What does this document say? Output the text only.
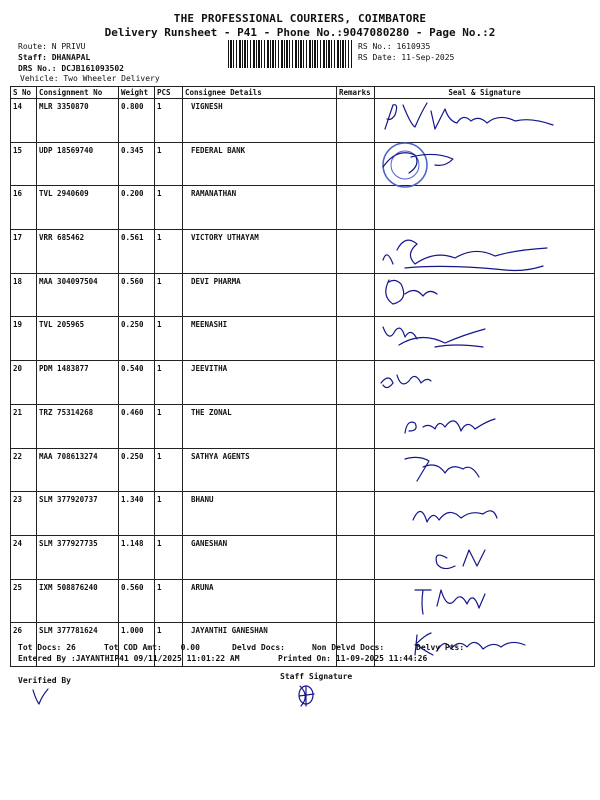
THE PROFESSIONAL COURIERS, COIMBATORE
Delivery Runsheet - P41 - Phone No.:9047080280 - Page No.:2
Route: N PRIVU
Staff: DHANAPAL
DRS No.: DCJB161093502
Vehicle: Two Wheeler Delivery
RS No.: 1610935
RS Date: 11-Sep-2025
S No	Consignment No	Weight	PCS	Consignee Details	Remarks	Seal & Signature
14	MLR 3350870	0.800	1	VIGNESH		

15	UDP 18569740	0.345	1	FEDERAL BANK		

16	TVL 2940609	0.200	1	RAMANATHAN		

17	VRR 685462	0.561	1	VICTORY UTHAYAM		

18	MAA 304097504	0.560	1	DEVI PHARMA		

19	TVL 205965	0.250	1	MEENASHI		

20	PDM 1483877	0.540	1	JEEVITHA		

21	TRZ 75314268	0.460	1	THE ZONAL		

22	MAA 708613274	0.250	1	SATHYA AGENTS		

23	SLM 377920737	1.340	1	BHANU		

24	SLM 377927735	1.148	1	GANESHAN		

25	IXM 508876240	0.560	1	ARUNA		

26	SLM 377781624	1.000	1	JAYANTHI GANESHAN		
Tot Docs: 26	Tot COD Amt: 0.00	Delvd Docs:	Non Delvd Docs:	Delvy Pts:
Entered By :JAYANTHIP41 09/11/2025 11:01:22 AM	Printed On: 11-09-2025 11:44:26
Verified By	Staff Signature
